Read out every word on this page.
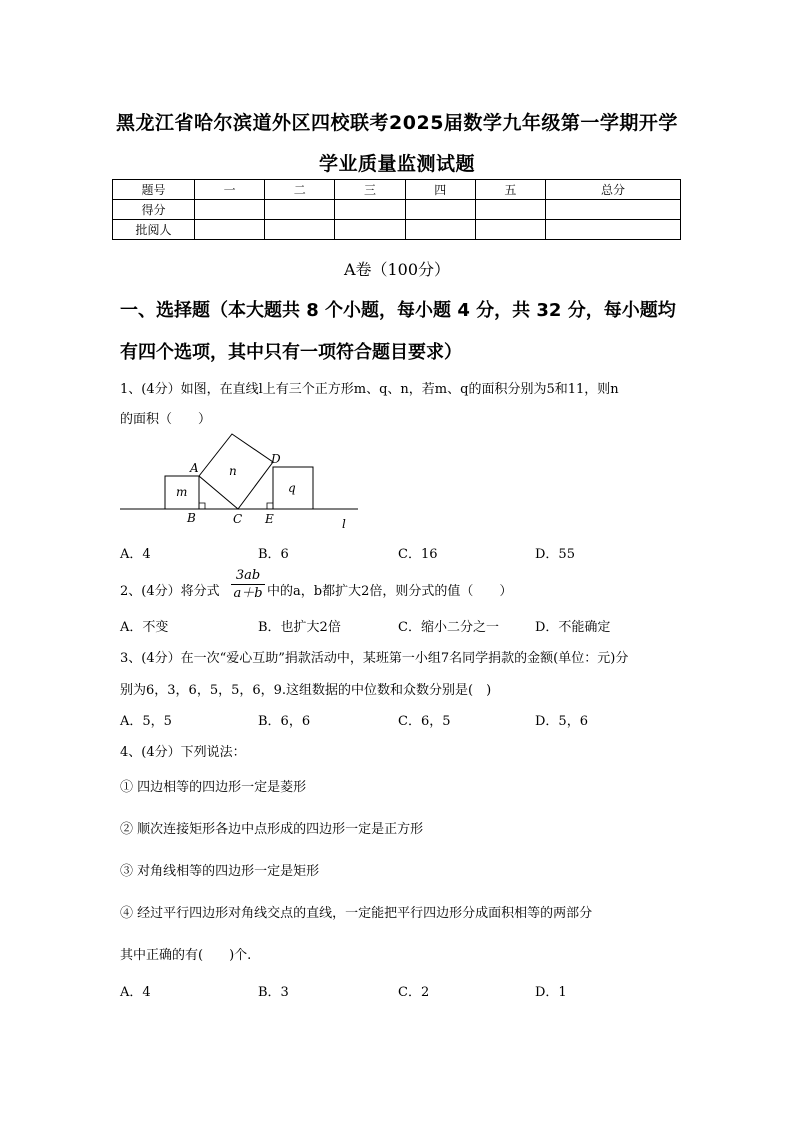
黑龙江省哈尔滨道外区四校联考2025届数学九年级第一学期开学
学业质量监测试题
题号	一	二	三	四	五	总分
得分						
批阅人						
A卷（100分）
一、选择题（本大题共 8 个小题，每小题 4 分，共 32 分，每小题均
有四个选项，其中只有一项符合题目要求）
1、(4分）如图，在直线l上有三个正方形m、q、n，若m、q的面积分别为5和11，则n
的面积（　　）
A	n
D
m	q
B	C E	l
A．4	B．6	C．16	D．55
2、(4分）将分式 $\frac{3ab}{a+b}$ 中的a，b都扩大2倍，则分式的值（　　）
A．不变	B．也扩大2倍	C．缩小二分之一	D．不能确定
3、(4分）在一次“爱心互助”捐款活动中，某班第一小组7名同学捐款的金额(单位：元)分
别为6，3，6，5，5，6，9.这组数据的中位数和众数分别是(　)
A．5，5	B．6，6	C．6，5	D．5，6
4、(4分）下列说法：
① 四边相等的四边形一定是菱形
② 顺次连接矩形各边中点形成的四边形一定是正方形
③ 对角线相等的四边形一定是矩形
④ 经过平行四边形对角线交点的直线，一定能把平行四边形分成面积相等的两部分
其中正确的有(　　)个.
A．4	B．3	C．2	D．1
